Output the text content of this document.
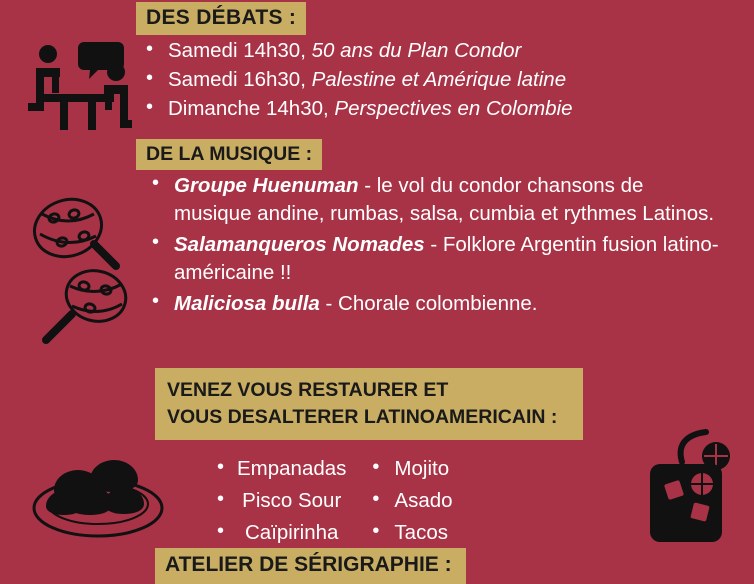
DES DÉBATS :
• Samedi 14h30, 50 ans du Plan Condor
• Samedi 16h30, Palestine et Amérique latine
• Dimanche 14h30, Perspectives en Colombie
DE LA MUSIQUE :
• Groupe Huenuman - le vol du condor chansons de musique andine, rumbas, salsa, cumbia et rythmes Latinos.
• Salamanqueros Nomades - Folklore Argentin fusion latino-américaine !!
• Maliciosa bulla - Chorale colombienne.
VENEZ VOUS RESTAURER ET
VOUS DESALTERER LATINOAMERICAIN :
• Empanadas
• Pisco Sour
• Caïpirinha
• Mojito
• Asado
• Tacos
ATELIER DE SÉRIGRAPHIE :
